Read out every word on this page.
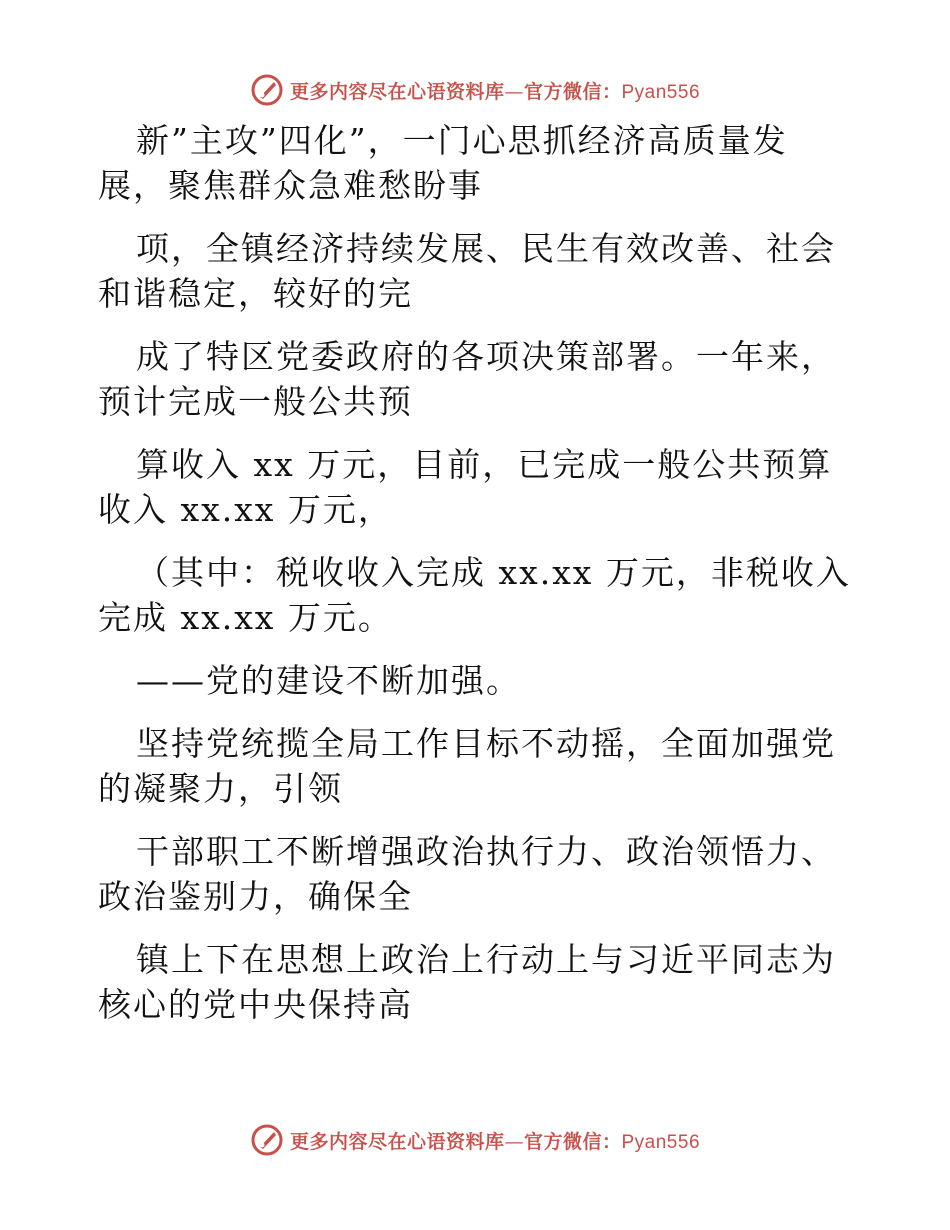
更多内容尽在心语资料库—官方微信：Pyan556

新”主攻”四化”，一门心思抓经济高质量发展，聚焦群众急难愁盼事

项，全镇经济持续发展、民生有效改善、社会和谐稳定，较好的完

成了特区党委政府的各项决策部署。一年来，预计完成一般公共预

算收入 xx 万元，目前，已完成一般公共预算收入 xx.xx 万元，

（其中：税收收入完成 xx.xx 万元，非税收入完成 xx.xx 万元。

——党的建设不断加强。

坚持党统揽全局工作目标不动摇，全面加强党的凝聚力，引领

干部职工不断增强政治执行力、政治领悟力、政治鉴别力，确保全

镇上下在思想上政治上行动上与习近平同志为核心的党中央保持高

更多内容尽在心语资料库—官方微信：Pyan556
